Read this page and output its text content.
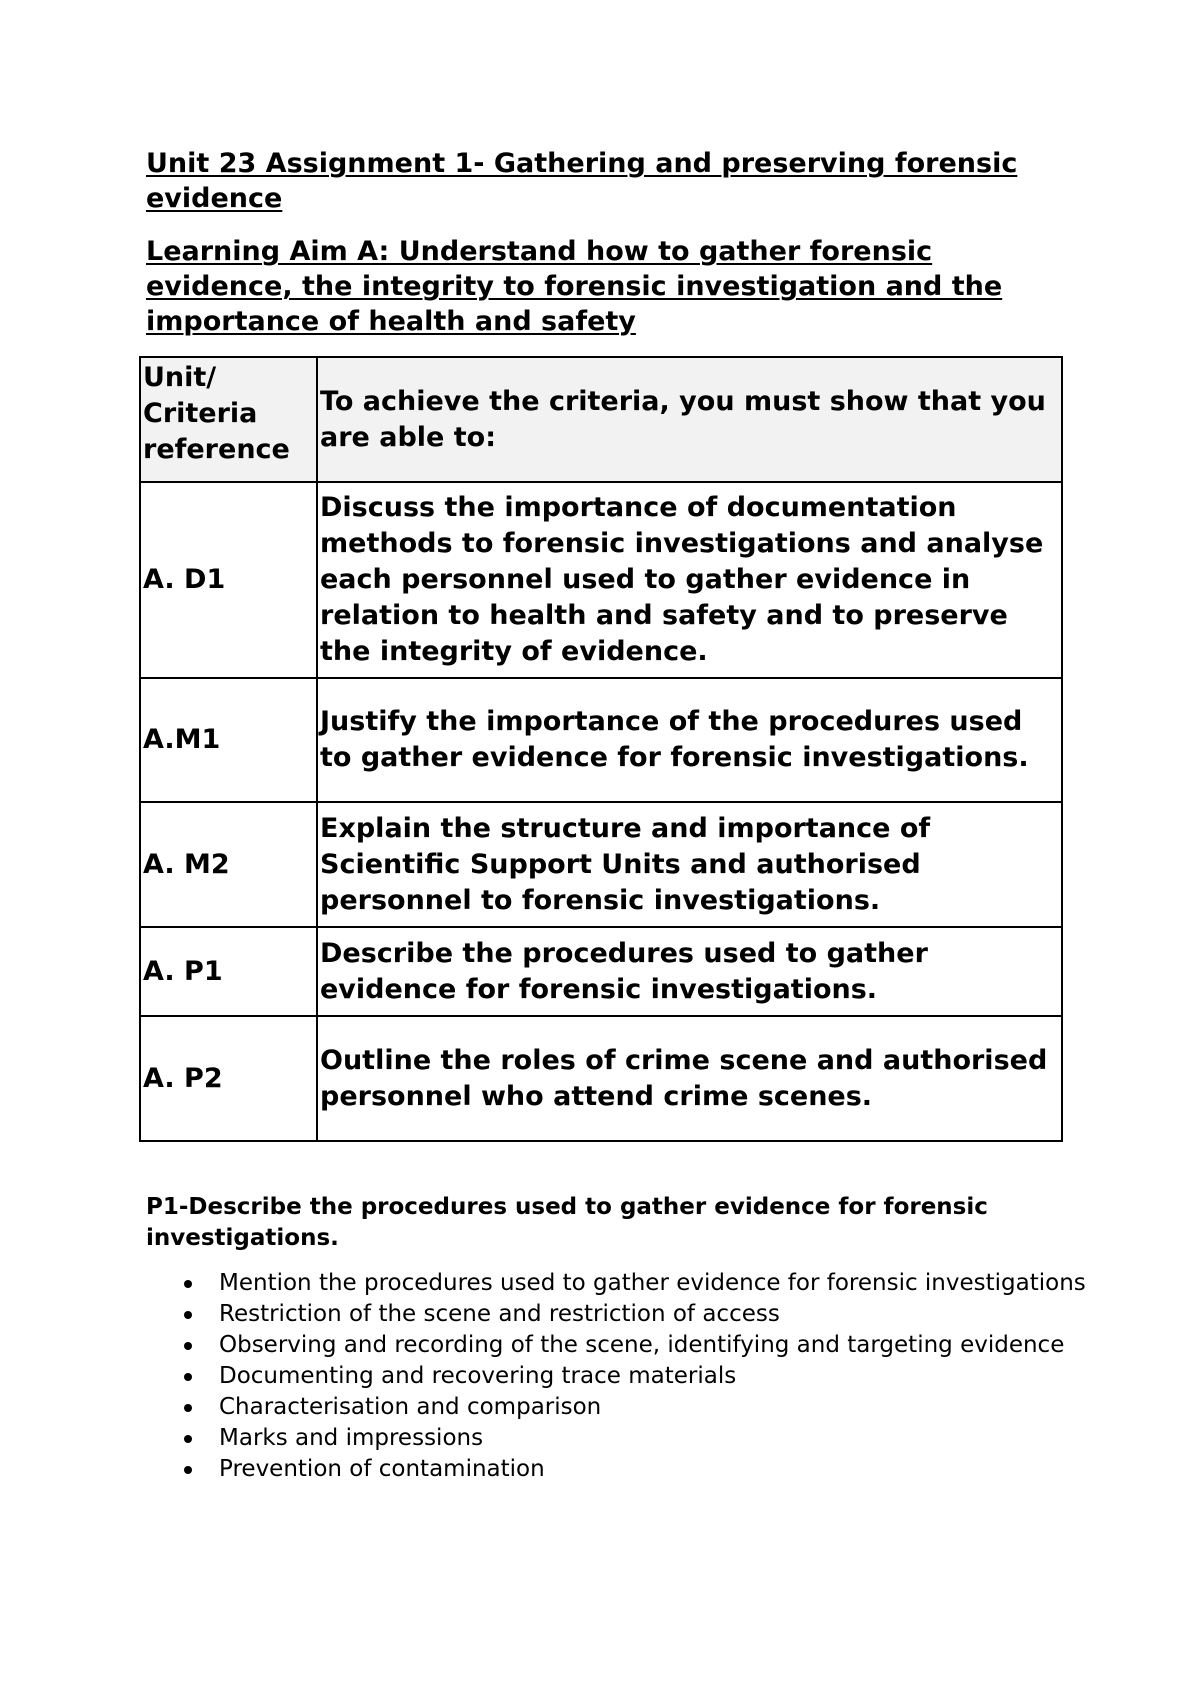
Unit 23 Assignment 1- Gathering and preserving forensic evidence
Learning Aim A: Understand how to gather forensic evidence, the integrity to forensic investigation and the importance of health and safety
Unit/ Criteria reference	To achieve the criteria, you must show that you are able to:
A. D1	Discuss the importance of documentation methods to forensic investigations and analyse each personnel used to gather evidence in relation to health and safety and to preserve the integrity of evidence.
A.M1	Justify the importance of the procedures used to gather evidence for forensic investigations.
A. M2	Explain the structure and importance of Scientific Support Units and authorised personnel to forensic investigations.
A. P1	Describe the procedures used to gather evidence for forensic investigations.
A. P2	Outline the roles of crime scene and authorised personnel who attend crime scenes.

P1-Describe the procedures used to gather evidence for forensic investigations.

Mention the procedures used to gather evidence for forensic investigations
Restriction of the scene and restriction of access
Observing and recording of the scene, identifying and targeting evidence
Documenting and recovering trace materials
Characterisation and comparison
Marks and impressions
Prevention of contamination
